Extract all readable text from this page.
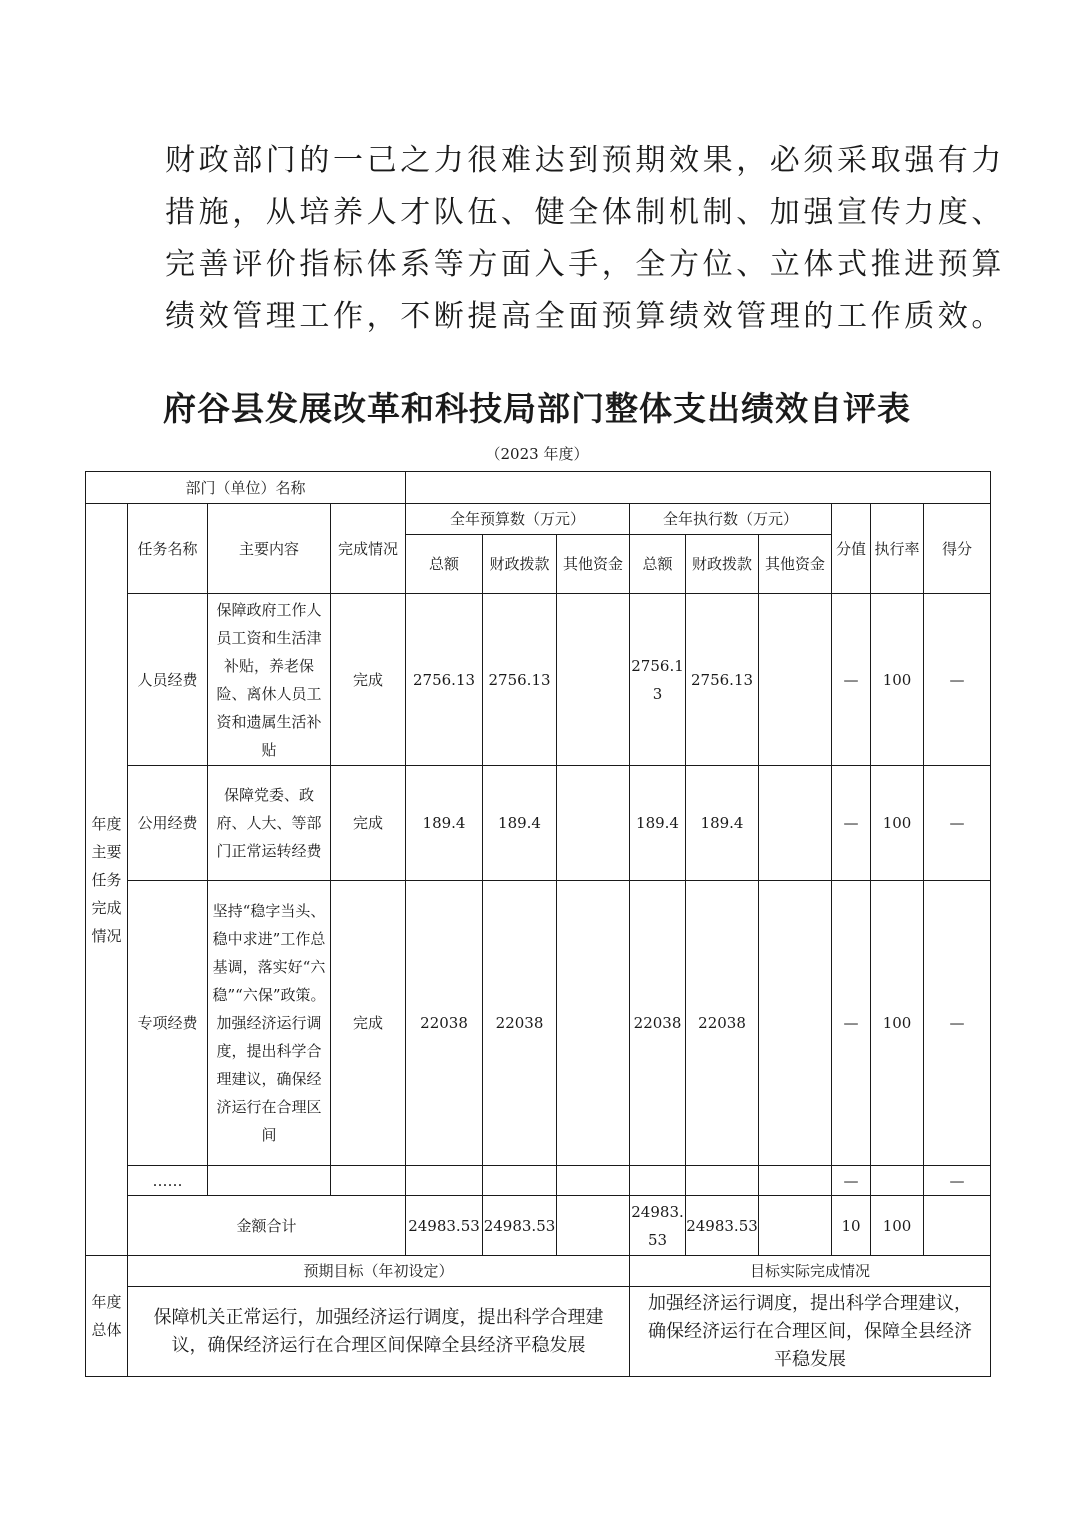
财政部门的一己之力很难达到预期效果，必须采取强有力
措施，从培养人才队伍、健全体制机制、加强宣传力度、
完善评价指标体系等方面入手，全方位、立体式推进预算
绩效管理工作，不断提高全面预算绩效管理的工作质效。
府谷县发展改革和科技局部门整体支出绩效自评表
（2023 年度）
部门（单位）名称												
年度主要任务完成情况	任务名称	主要内容	完成情况	全年预算数（万元）			全年执行数（万元）			分值	执行率	得分
				总额	财政拨款	其他资金	总额	财政拨款	其他资金			
	人员经费	保障政府工作人员工资和生活津补贴，养老保险、离休人员工资和遗属生活补贴	完成	2756.13	2756.13		2756.13	2756.13		—	100	—
	公用经费	保障党委、政府、人大、等部门正常运转经费	完成	189.4	189.4		189.4	189.4		—	100	—
	专项经费	坚持“稳字当头、稳中求进”工作总基调，落实好“六稳”“六保”政策。加强经济运行调度，提出科学合理建议，确保经济运行在合理区间	完成	22038	22038		22038	22038		—	100	—
	……									—		—
	金额合计			24983.53	24983.53		24983.53	24983.53		10	100	
年度总体	预期目标（年初设定）						目标实际完成情况					
	保障机关正常运行，加强经济运行调度，提出科学合理建议，确保经济运行在合理区间保障全县经济平稳发展						加强经济运行调度，提出科学合理建议，确保经济运行在合理区间，保障全县经济平稳发展					
